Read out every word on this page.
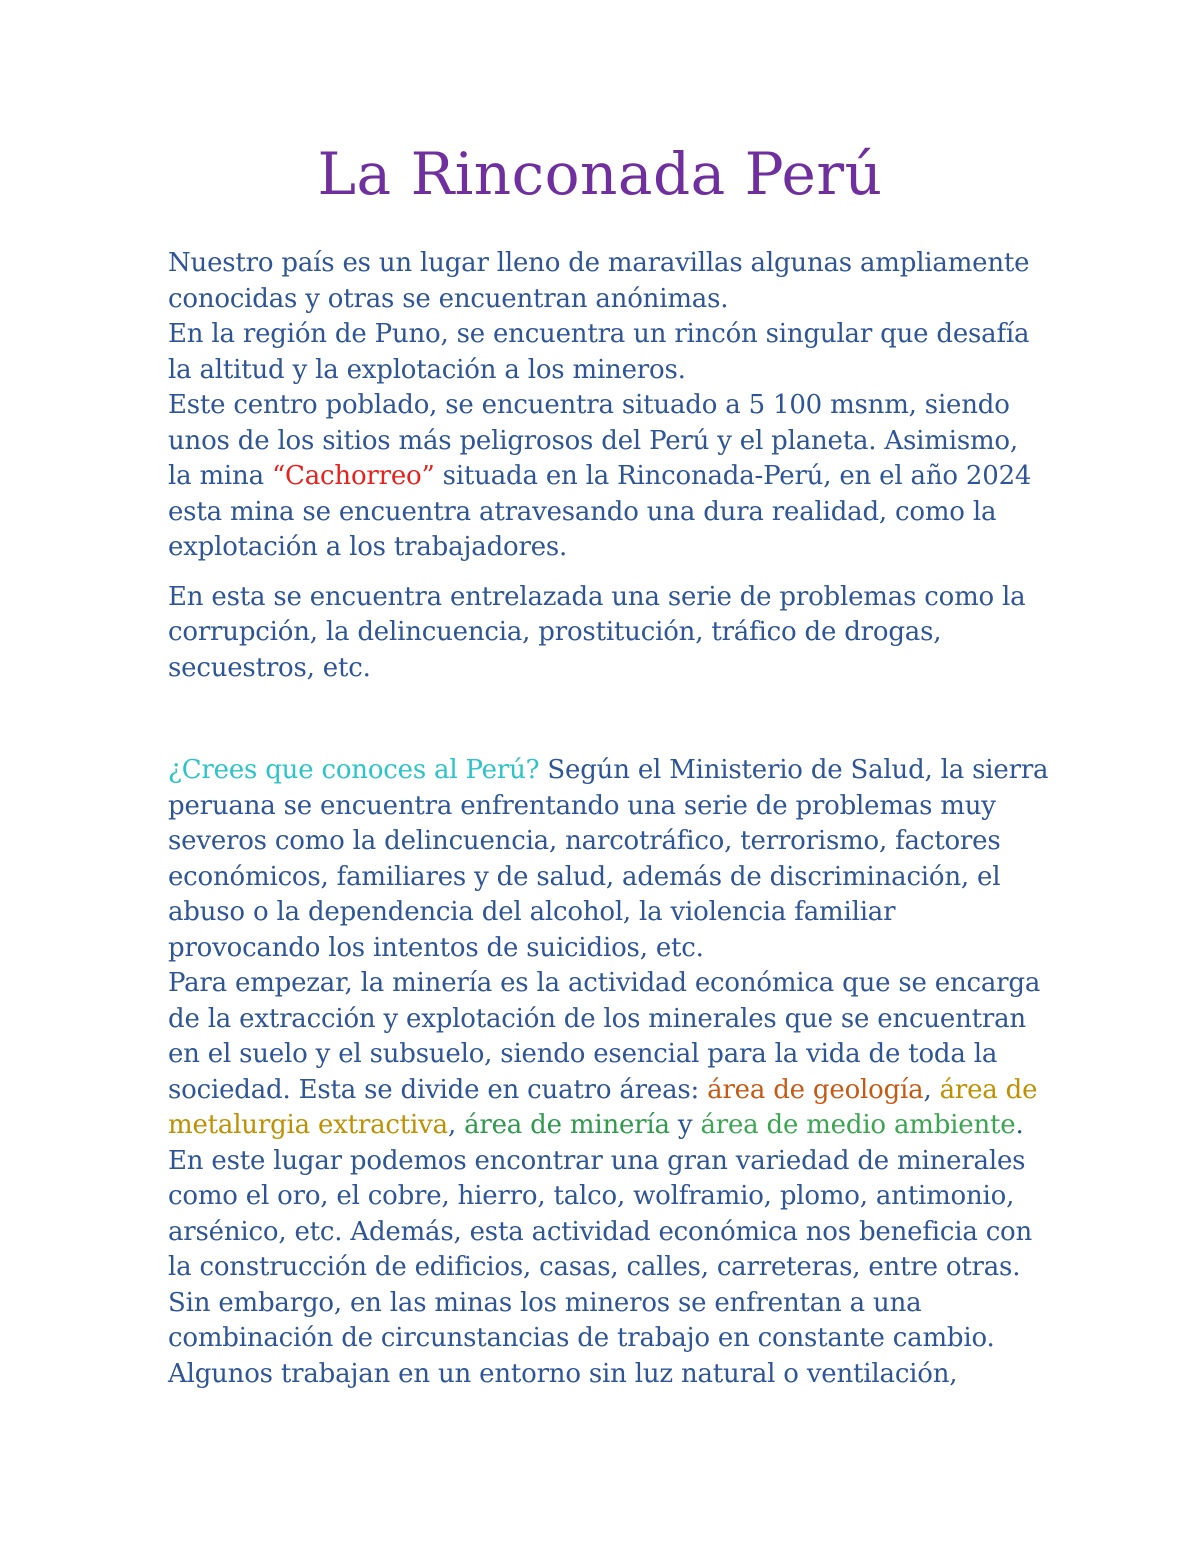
La Rinconada Perú
Nuestro país es un lugar lleno de maravillas algunas ampliamente
conocidas y otras se encuentran anónimas.
En la región de Puno, se encuentra un rincón singular que desafía
la altitud y la explotación a los mineros.
Este centro poblado, se encuentra situado a 5 100 msnm, siendo
unos de los sitios más peligrosos del Perú y el planeta. Asimismo,
la mina “Cachorreo” situada en la Rinconada-Perú, en el año 2024
esta mina se encuentra atravesando una dura realidad, como la
explotación a los trabajadores.
En esta se encuentra entrelazada una serie de problemas como la
corrupción, la delincuencia, prostitución, tráfico de drogas,
secuestros, etc.
¿Crees que conoces al Perú? Según el Ministerio de Salud, la sierra
peruana se encuentra enfrentando una serie de problemas muy
severos como la delincuencia, narcotráfico, terrorismo, factores
económicos, familiares y de salud, además de discriminación, el
abuso o la dependencia del alcohol, la violencia familiar
provocando los intentos de suicidios, etc.
Para empezar, la minería es la actividad económica que se encarga
de la extracción y explotación de los minerales que se encuentran
en el suelo y el subsuelo, siendo esencial para la vida de toda la
sociedad. Esta se divide en cuatro áreas: área de geología, área de
metalurgia extractiva, área de minería y área de medio ambiente.
En este lugar podemos encontrar una gran variedad de minerales
como el oro, el cobre, hierro, talco, wolframio, plomo, antimonio,
arsénico, etc. Además, esta actividad económica nos beneficia con
la construcción de edificios, casas, calles, carreteras, entre otras.
Sin embargo, en las minas los mineros se enfrentan a una
combinación de circunstancias de trabajo en constante cambio.
Algunos trabajan en un entorno sin luz natural o ventilación,
